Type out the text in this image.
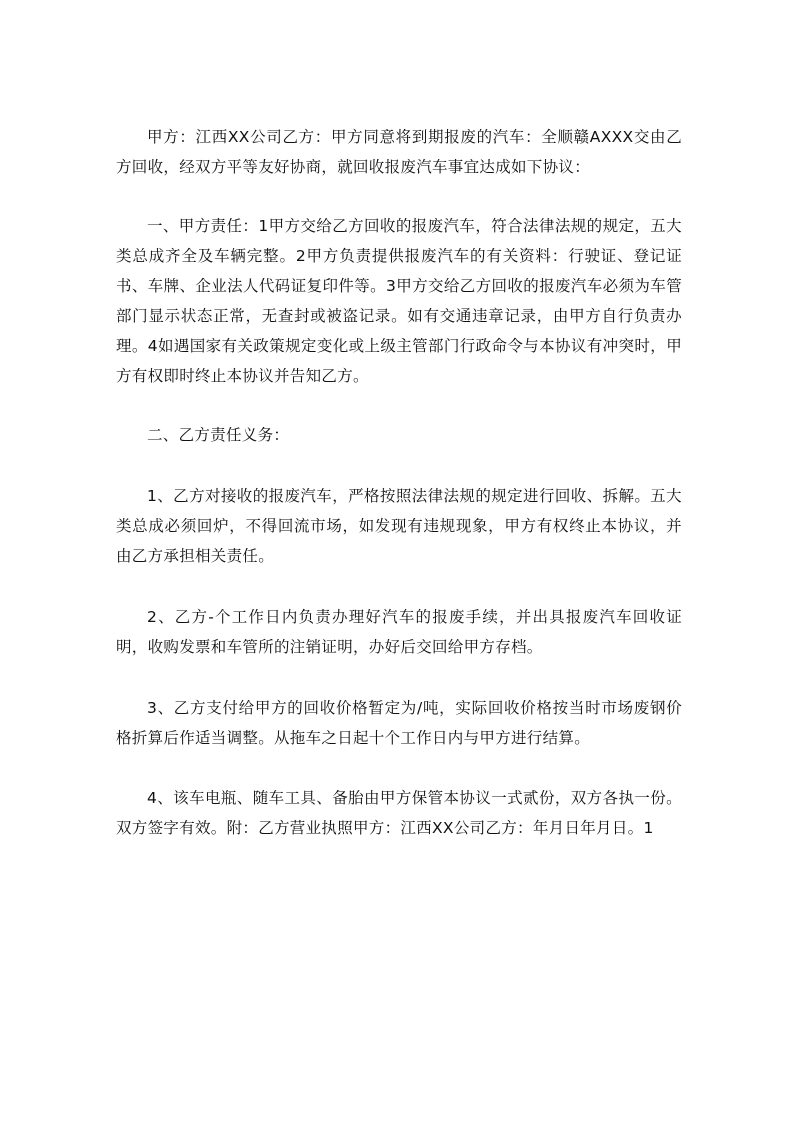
甲方：江西XX公司乙方：甲方同意将到期报废的汽车：全顺赣AXXX交由乙方回收，经双方平等友好协商，就回收报废汽车事宜达成如下协议：

一、甲方责任：1甲方交给乙方回收的报废汽车，符合法律法规的规定，五大类总成齐全及车辆完整。2甲方负责提供报废汽车的有关资料：行驶证、登记证书、车牌、企业法人代码证复印件等。3甲方交给乙方回收的报废汽车必须为车管部门显示状态正常，无查封或被盗记录。如有交通违章记录，由甲方自行负责办理。4如遇国家有关政策规定变化或上级主管部门行政命令与本协议有冲突时，甲方有权即时终止本协议并告知乙方。

二、乙方责任义务：

1、乙方对接收的报废汽车，严格按照法律法规的规定进行回收、拆解。五大类总成必须回炉，不得回流市场，如发现有违规现象，甲方有权终止本协议，并由乙方承担相关责任。

2、乙方-个工作日内负责办理好汽车的报废手续，并出具报废汽车回收证明，收购发票和车管所的注销证明，办好后交回给甲方存档。

3、乙方支付给甲方的回收价格暂定为/吨，实际回收价格按当时市场废钢价格折算后作适当调整。从拖车之日起十个工作日内与甲方进行结算。

4、该车电瓶、随车工具、备胎由甲方保管本协议一式贰份，双方各执一份。双方签字有效。附：乙方营业执照甲方：江西XX公司乙方：年月日年月日。1
